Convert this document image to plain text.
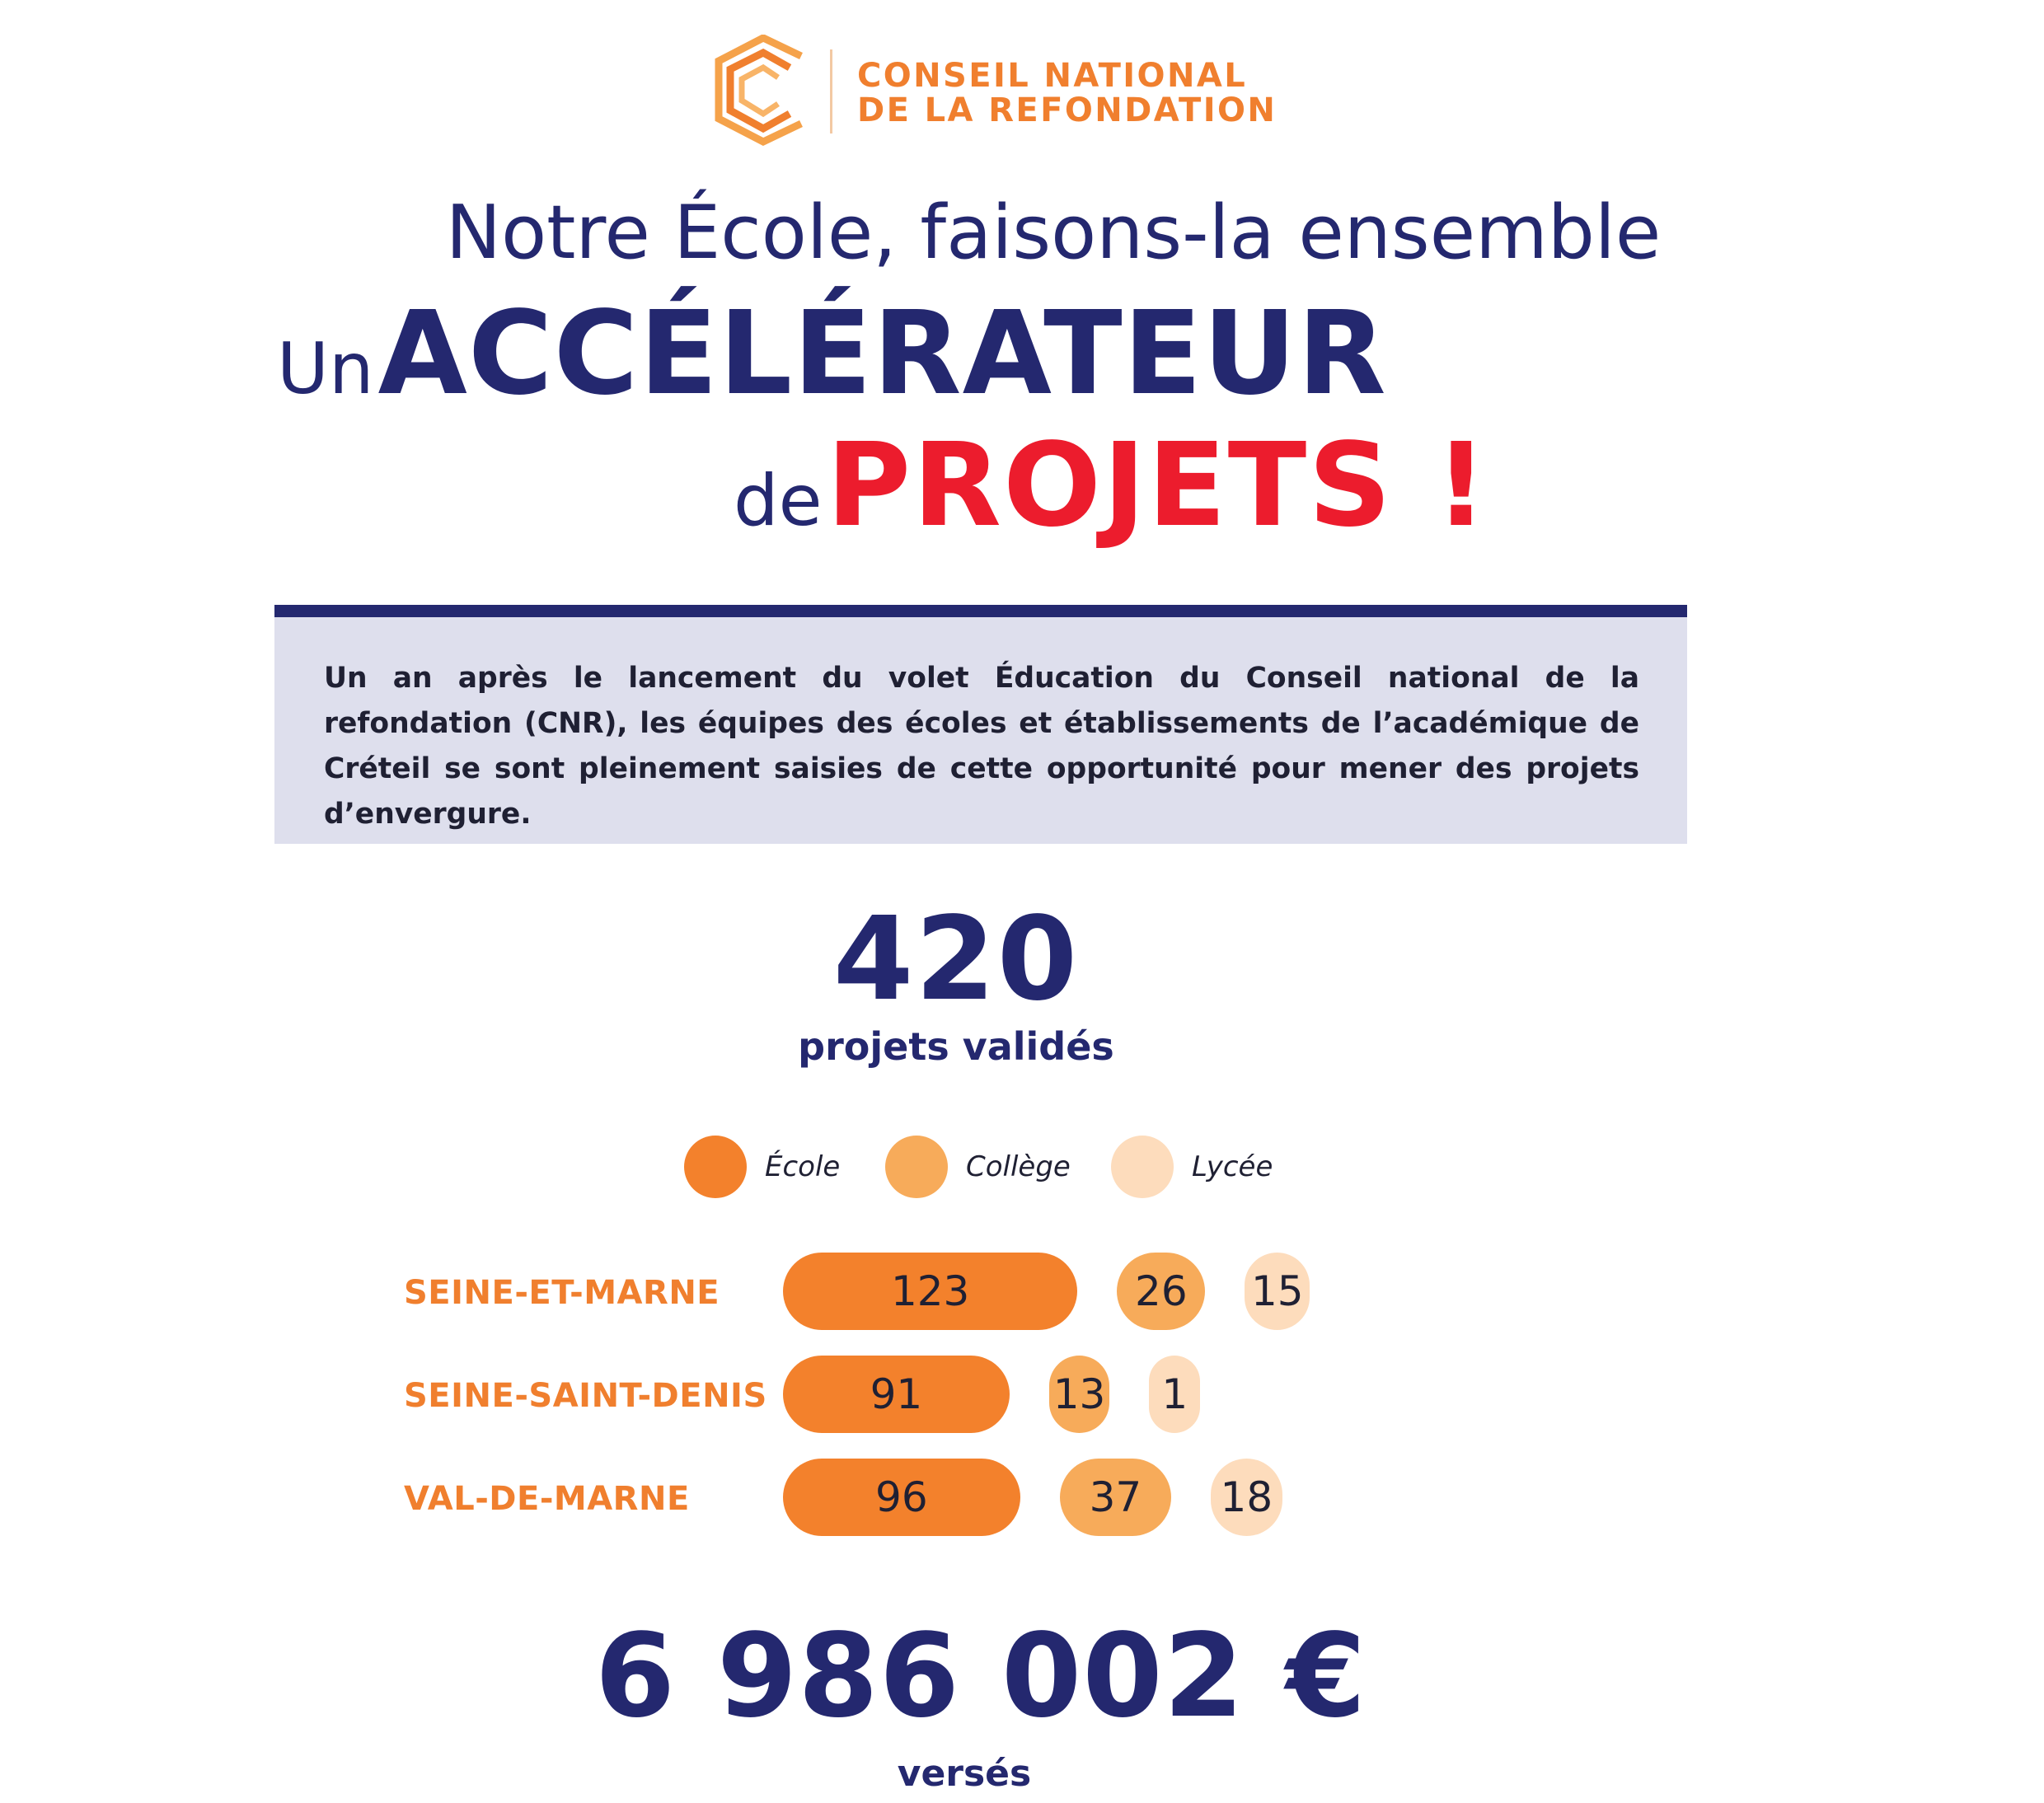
CONSEIL NATIONAL
DE LA REFONDATION
Notre École, faisons-la ensemble
Un ACCÉLÉRATEUR
de PROJETS !
Un an après le lancement du volet Éducation du Conseil national de la refondation (CNR), les équipes des écoles et établissements de l’académique de Créteil se sont pleinement saisies de cette opportunité pour mener des projets d’envergure.
420
projets validés
École	Collège	Lycée
SEINE-ET-MARNE	123	26	15
SEINE-SAINT-DENIS	91	13	1
VAL-DE-MARNE	96	37	18
6 986 002 €
versés
